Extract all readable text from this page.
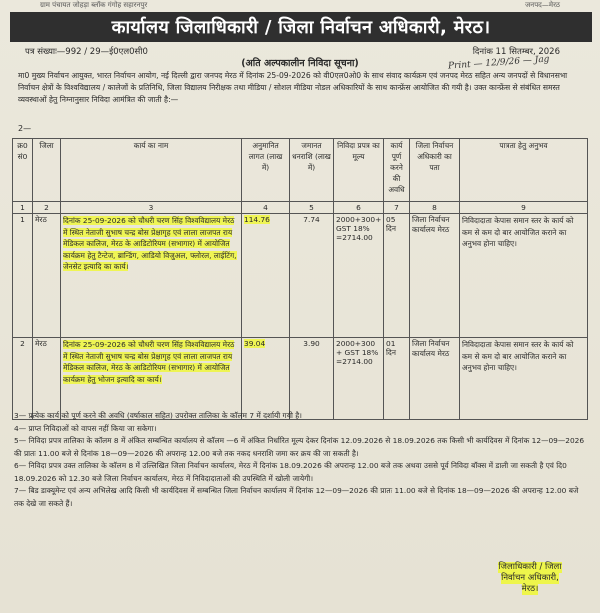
ग्राम पंचायत जोहड़ा ब्लॉक गंगोह सहारनपुर	जनपद—मेरठ
कार्यालय जिलाधिकारी / जिला निर्वाचन अधिकारी, मेरठ।
पत्र संख्याः—992 / 29—ई0एल0सी0	दिनांक 11 सितम्बर, 2026
(अति अल्पकालीन निविदा सूचना)	Print — 12/9/26 — Jag
मा0 मुख्य निर्वाचन आयुक्त, भारत निर्वाचन आयोग, नई दिल्ली द्वारा जनपद मेरठ में दिनांक 25-09-2026 को वी0एल0ओ0 के साथ संवाद कार्यक्रम एवं जनपद मेरठ सहित अन्य जनपदों से विधानसभा निर्वाचन क्षेत्रों के विश्वविद्यालय / कालेजों के प्रतिनिधि, जिला विद्यालय निरीक्षक तथा मीडिया / सोशल मीडिया नोडल अधिकारियों के साथ कान्फ्रेंस आयोजित की गयी है। उक्त कान्फ्रेंस से संबंधित समस्त व्यवस्थाओं हेतु निम्नानुसार निविदा आमंत्रित की जाती है:—
2—
क्र0 सं0	जिला	कार्य का नाम	अनुमानित लागत (लाख में)	जमानत धनराशि (लाख में)	निविदा प्रपत्र का मूल्य	कार्य पूर्ण करने की अवधि	जिला निर्वाचन अधिकारी का पता	पात्रता हेतु अनुभव
1	2	3	4	5	6	7	8	9
1	मेरठ	दिनांक 25-09-2026 को चौधरी चरण सिंह विश्वविद्यालय मेरठ में स्थित नेताजी सुभाष चन्द्र बोस प्रेक्षागृह एवं लाला लाजपत राय मेडिकल कालिज, मेरठ के आडिटोरियम (सभागार) में आयोजित कार्यक्रम हेतु टैन्टेज, ब्रान्डिंग, आडियो विजुअल, फ्लोरल, लाईटिंग, जेनसेट इत्यादि का कार्य।	114.76	7.74	2000+300+ GST 18% =2714.00	05 दिन	जिला निर्वाचन कार्यालय मेरठ	निविदादाता केपास समान स्तर के कार्य को कम से कम दो बार आयोजित कराने का अनुभव होना चाहिए।
2	मेरठ	दिनांक 25-09-2026 को चौधरी चरण सिंह विश्वविद्यालय मेरठ में स्थित नेताजी सुभाष चन्द्र बोस प्रेक्षागृह एवं लाला लाजपत राय मेडिकल कालिज, मेरठ के आडिटोरियम (सभागार) में आयोजित कार्यक्रम हेतु भोजन इत्यादि का कार्य।	39.04	3.90	2000+300 + GST 18% =2714.00	01 दिन	जिला निर्वाचन कार्यालय मेरठ	निविदादाता केपास समान स्तर के कार्य को कम से कम दो बार आयोजित कराने का अनुभव होना चाहिए।

3— प्रत्येक कार्य को पूर्ण करने की अवधि (वर्षाकाल सहित) उपरोक्त तालिका के कॉलम 7 में दर्शायी गयी है।

4— प्राप्त निविदाओं को वापस नहीं किया जा सकेगा।

5— निविदा प्रपत्र तालिका के कॉलम 8 में अंकित सम्बन्धित कार्यालय से कॉलम —6 में अंकित निर्धारित मूल्य देकर दिनांक 12.09.2026 से 18.09.2026 तक किसी भी कार्यदिवस में दिनांक 12—09—2026 की प्रातः 11.00 बजे से दिनांक 18—09—2026 की अपरान्ह 12.00 बजे तक नकद धनराशि जमा कर क्रय की जा सकती है।

6— निविदा प्रपत्र उक्त तालिका के कॉलम 8 में उल्लिखित जिला निर्वाचन कार्यालय, मेरठ में दिनांक 18.09.2026 की अपरान्ह 12.00 बजे तक अथवा उससे पूर्व निविदा बॉक्स में डाली जा सकती है एवं दि0 18.09.2026 को 12.30 बजे जिला निर्वाचन कार्यालय, मेरठ में निविदादाताओं की उपस्थिति में खोली जायेगी।

7— बिड डाक्यूमेन्ट एवं अन्य अभिलेख आदि किसी भी कार्यदिवस में सम्बन्धित जिला निर्वाचन कार्यालय में दिनांक 12—09—2026 की प्रातः 11.00 बजे से दिनांक 18—09—2026 की अपरान्ह 12.00 बजे तक देखे जा सकते हैं।

जिलाधिकारी / जिला
निर्वाचन अधिकारी,
मेरठ।
